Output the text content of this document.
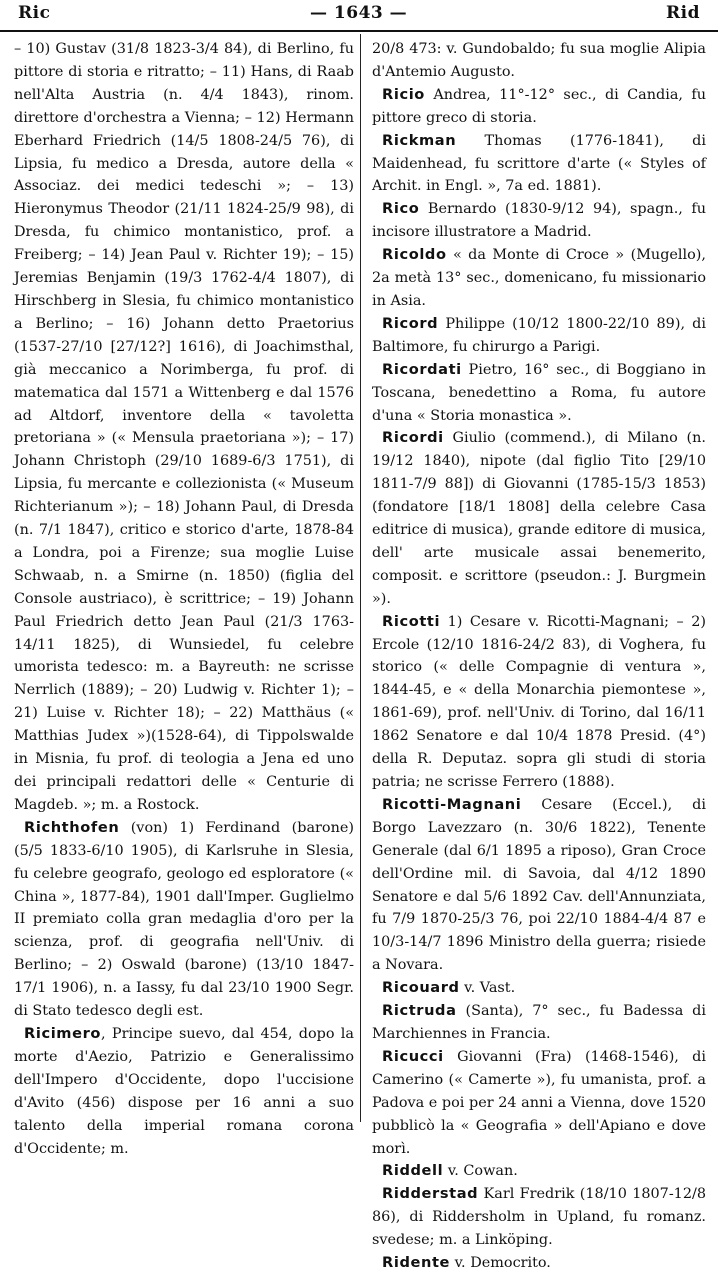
Ric	— 1643 —	Rid

– 10) Gustav (31/8 1823-3/4 84), di Berlino, fu pittore di storia e ritratto; – 11) Hans, di Raab nell'Alta Austria (n. 4/4 1843), rinom. direttore d'orchestra a Vienna; – 12) Hermann Eberhard Friedrich (14/5 1808-24/5 76), di Lipsia, fu medico a Dresda, autore della « Associaz. dei medici tedeschi »; – 13) Hieronymus Theodor (21/11 1824-25/9 98), di Dresda, fu chimico montanistico, prof. a Freiberg; – 14) Jean Paul v. Richter 19); – 15) Jeremias Benjamin (19/3 1762-4/4 1807), di Hirschberg in Slesia, fu chimico montanistico a Berlino; – 16) Johann detto Praetorius (1537-27/10 [27/12?] 1616), di Joachimsthal, già meccanico a Norimberga, fu prof. di matematica dal 1571 a Wittenberg e dal 1576 ad Altdorf, inventore della « tavoletta pretoriana » (« Mensula praetoriana »); – 17) Johann Christoph (29/10 1689-6/3 1751), di Lipsia, fu mercante e collezionista (« Museum Richterianum »); – 18) Johann Paul, di Dresda (n. 7/1 1847), critico e storico d'arte, 1878-84 a Londra, poi a Firenze; sua moglie Luise Schwaab, n. a Smirne (n. 1850) (figlia del Console austriaco), è scrittrice; – 19) Johann Paul Friedrich detto Jean Paul (21/3 1763-14/11 1825), di Wunsiedel, fu celebre umorista tedesco: m. a Bayreuth: ne scrisse Nerrlich (1889); – 20) Ludwig v. Richter 1); – 21) Luise v. Richter 18); – 22) Matthäus (« Matthias Judex »)(1528-64), di Tippolswalde in Misnia, fu prof. di teologia a Jena ed uno dei principali redattori delle « Centurie di Magdeb. »; m. a Rostock.

Richthofen (von) 1) Ferdinand (barone) (5/5 1833-6/10 1905), di Karlsruhe in Slesia, fu celebre geografo, geologo ed esploratore (« China », 1877-84), 1901 dall'Imper. Guglielmo II premiato colla gran medaglia d'oro per la scienza, prof. di geografia nell'Univ. di Berlino; – 2) Oswald (barone) (13/10 1847-17/1 1906), n. a Iassy, fu dal 23/10 1900 Segr. di Stato tedesco degli est.

Ricimero, Principe suevo, dal 454, dopo la morte d'Aezio, Patrizio e Generalissimo dell'Impero d'Occidente, dopo l'uccisione d'Avito (456) dispose per 16 anni a suo talento della imperial romana corona d'Occidente; m.

20/8 473: v. Gundobaldo; fu sua moglie Alipia d'Antemio Augusto.

Ricio Andrea, 11°-12° sec., di Candia, fu pittore greco di storia.

Rickman Thomas (1776-1841), di Maidenhead, fu scrittore d'arte (« Styles of Archit. in Engl. », 7a ed. 1881).

Rico Bernardo (1830-9/12 94), spagn., fu incisore illustratore a Madrid.

Ricoldo « da Monte di Croce » (Mugello), 2a metà 13° sec., domenicano, fu missionario in Asia.

Ricord Philippe (10/12 1800-22/10 89), di Baltimore, fu chirurgo a Parigi.

Ricordati Pietro, 16° sec., di Boggiano in Toscana, benedettino a Roma, fu autore d'una « Storia monastica ».

Ricordi Giulio (commend.), di Milano (n. 19/12 1840), nipote (dal figlio Tito [29/10 1811-7/9 88]) di Giovanni (1785-15/3 1853) (fondatore [18/1 1808] della celebre Casa editrice di musica), grande editore di musica, dell' arte musicale assai benemerito, composit. e scrittore (pseudon.: J. Burgmein »).

Ricotti 1) Cesare v. Ricotti-Magnani; – 2) Ercole (12/10 1816-24/2 83), di Voghera, fu storico (« delle Compagnie di ventura », 1844-45, e « della Monarchia piemontese », 1861-69), prof. nell'Univ. di Torino, dal 16/11 1862 Senatore e dal 10/4 1878 Presid. (4°) della R. Deputaz. sopra gli studi di storia patria; ne scrisse Ferrero (1888).

Ricotti-Magnani Cesare (Eccel.), di Borgo Lavezzaro (n. 30/6 1822), Tenente Generale (dal 6/1 1895 a riposo), Gran Croce dell'Ordine mil. di Savoia, dal 4/12 1890 Senatore e dal 5/6 1892 Cav. dell'Annunziata, fu 7/9 1870-25/3 76, poi 22/10 1884-4/4 87 e 10/3-14/7 1896 Ministro della guerra; risiede a Novara.

Ricouard v. Vast.

Rictruda (Santa), 7° sec., fu Badessa di Marchiennes in Francia.

Ricucci Giovanni (Fra) (1468-1546), di Camerino (« Camerte »), fu umanista, prof. a Padova e poi per 24 anni a Vienna, dove 1520 pubblicò la « Geografia » dell'Apiano e dove morì.

Riddell v. Cowan.

Ridderstad Karl Fredrik (18/10 1807-12/8 86), di Riddersholm in Upland, fu romanz. svedese; m. a Linköping.

Ridente v. Democrito.
